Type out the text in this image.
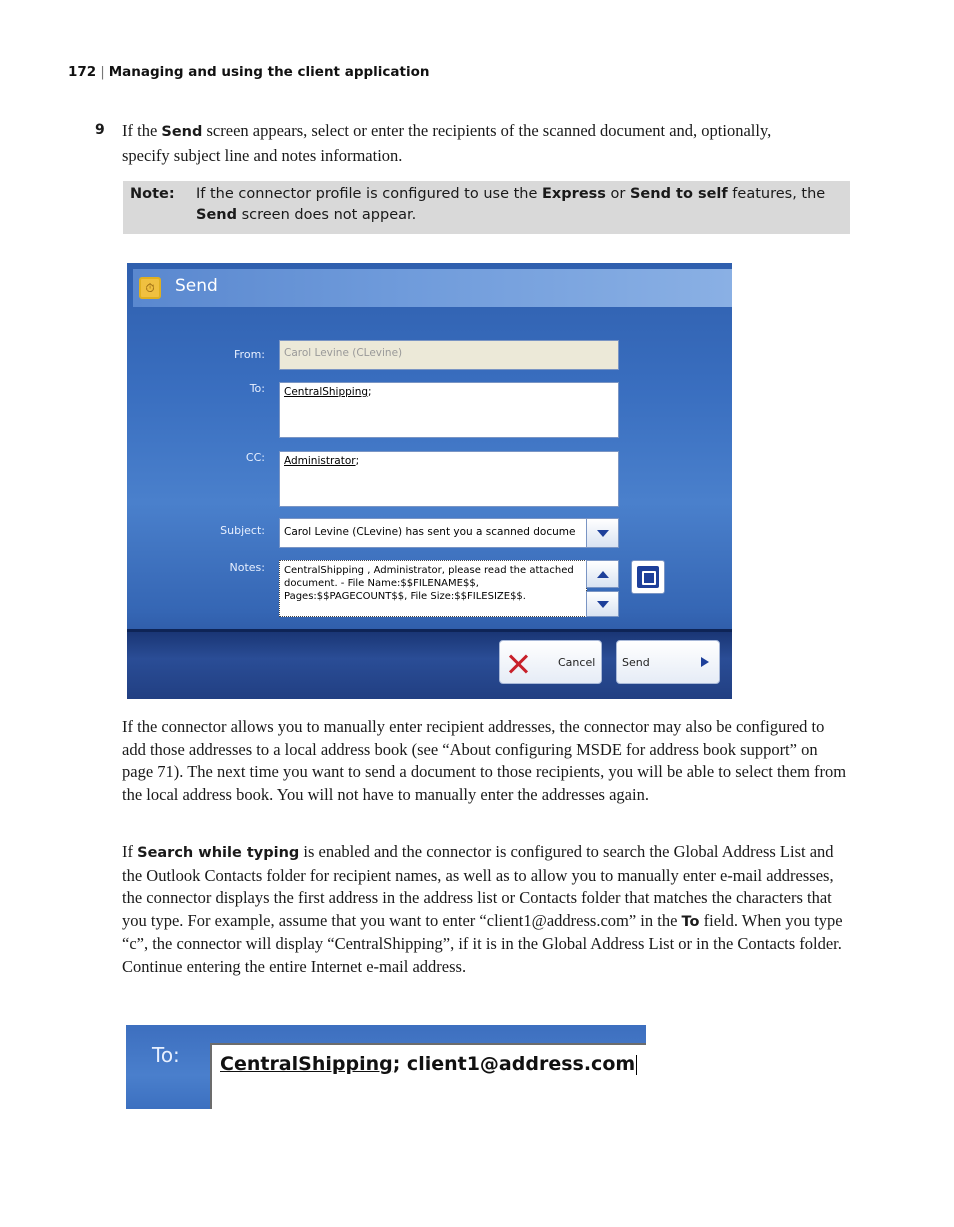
172 | Managing and using the client application
9 If the Send screen appears, select or enter the recipients of the scanned document and, optionally, specify subject line and notes information.
Note: If the connector profile is configured to use the Express or Send to self features, the Send screen does not appear.
⏱	Send
From:	Carol Levine (CLevine)
To:	CentralShipping;
CC:	Administrator;
Subject:	Carol Levine (CLevine) has sent you a scanned docume
Notes:	CentralShipping , Administrator, please read the attached document. - File Name:$$FILENAME$$, Pages:$$PAGECOUNT$$, File Size:$$FILESIZE$$.
Cancel Send
If the connector allows you to manually enter recipient addresses, the connector may also be configured to add those addresses to a local address book (see “About configuring MSDE for address book support” on page 71). The next time you want to send a document to those recipients, you will be able to select them from the local address book. You will not have to manually enter the addresses again.
If Search while typing is enabled and the connector is configured to search the Global Address List and the Outlook Contacts folder for recipient names, as well as to allow you to manually enter e-mail addresses, the connector displays the first address in the address list or Contacts folder that matches the characters that you type. For example, assume that you want to enter “client1@address.com” in the To field. When you type “c”, the connector will display “CentralShipping”, if it is in the Global Address List or in the Contacts folder. Continue entering the entire Internet e-mail address.
To: CentralShipping; client1@address.com
